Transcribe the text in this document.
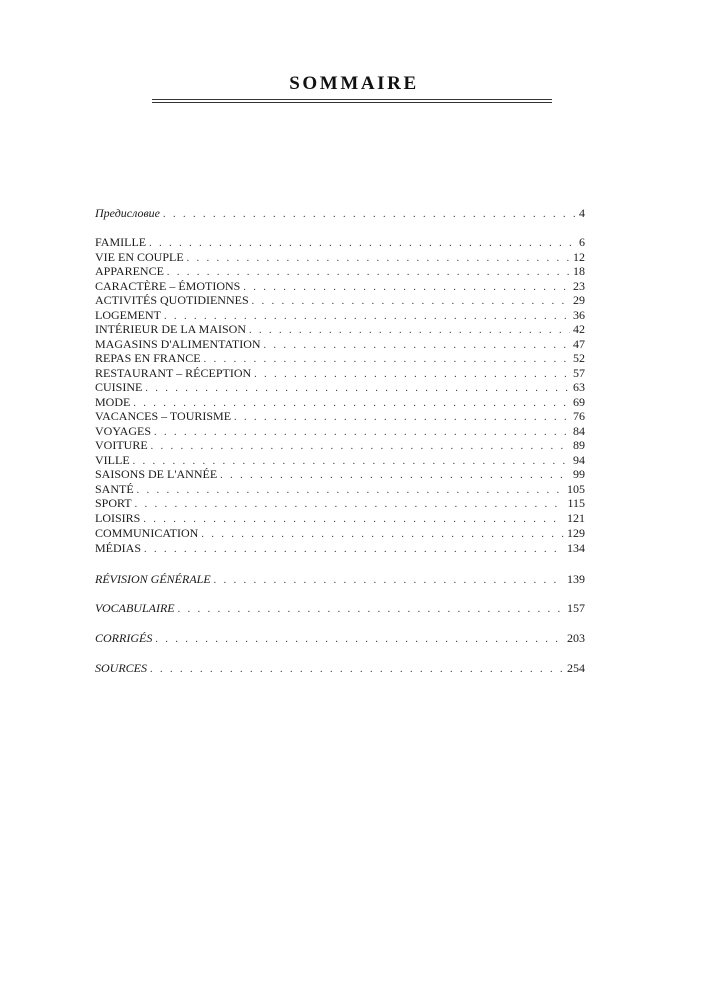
SOMMAIRE
Предисловие . . .	4
FAMILLE . . .	6
VIE EN COUPLE . . .	12
APPARENCE . . .	18
CARACTÈRE – ÉMOTIONS . . .	23
ACTIVITÉS QUOTIDIENNES . . .	29
LOGEMENT . . .	36
INTÉRIEUR DE LA MAISON . . .	42
MAGASINS D'ALIMENTATION . . .	47
REPAS EN FRANCE . . .	52
RESTAURANT – RÉCEPTION . . .	57
CUISINE . . .	63
MODE . . .	69
VACANCES – TOURISME . . .	76
VOYAGES . . .	84
VOITURE . . .	89
VILLE . . .	94
SAISONS DE L'ANNÉE . . .	99
SANTÉ . . .	105
SPORT . . .	115
LOISIRS . . .	121
COMMUNICATION . . .	129
MÉDIAS . . .	134
RÉVISION GÉNÉRALE . . .	139
VOCABULAIRE . . .	157
CORRIGÉS . . .	203
SOURCES . . .	254
